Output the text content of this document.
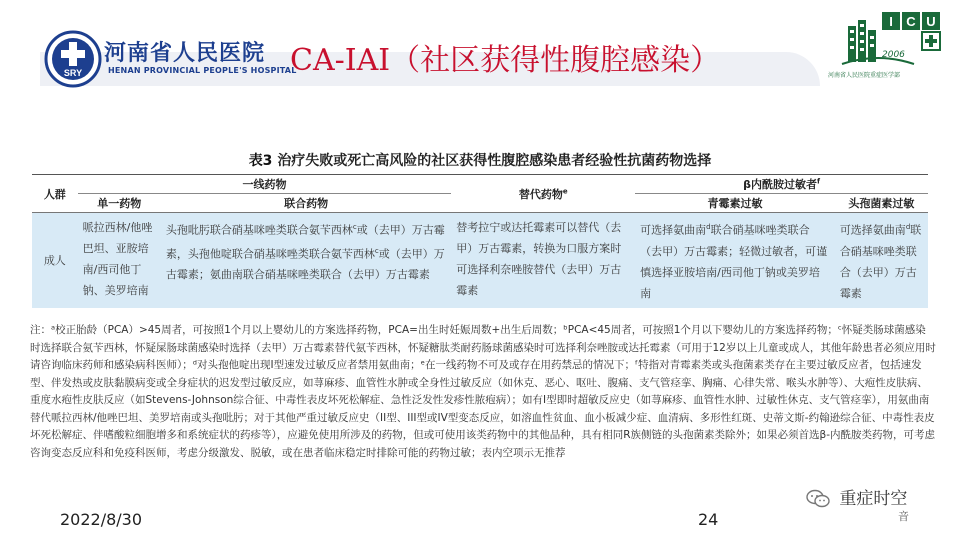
SRY
河南省人民医院
HENAN PROVINCIAL PEOPLE'S HOSPITAL
CA-IAI（社区获得性腹腔感染）
I C U
2006
河南省人民医院重症医学部
表3 治疗失败或死亡高风险的社区获得性腹腔感染患者经验性抗菌药物选择
人群	一线药物		替代药物$^e$	β内酰胺过敏者$^f$
	单一药物	联合药物		青霉素过敏	头孢菌素过敏
成人	哌拉西林/他唑巴坦、亚胺培南/西司他丁钠、美罗培南	头孢吡肟联合硝基咪唑类联合氨苄西林$^c$或（去甲）万古霉素，头孢他啶联合硝基咪唑类联合氨苄西林$^c$或（去甲）万古霉素；氨曲南联合硝基咪唑类联合（去甲）万古霉素	替考拉宁或达托霉素可以替代（去甲）万古霉素，转换为口服方案时可选择利奈唑胺替代（去甲）万古霉素	可选择氨曲南$^d$联合硝基咪唑类联合（去甲）万古霉素；轻微过敏者，可谨慎选择亚胺培南/西司他丁钠或美罗培南	可选择氨曲南$^d$联合硝基咪唑类联合（去甲）万古霉素
注：ᵃ校正胎龄（PCA）>45周者，可按照1个月以上婴幼儿的方案选择药物，PCA=出生时妊娠周数+出生后周数；ᵇPCA<45周者，可按照1个月以下婴幼儿的方案选择药物；ᶜ怀疑类肠球菌感染时选择联合氨苄西林，怀疑屎肠球菌感染时选择（去甲）万古霉素替代氨苄西林，怀疑糖肽类耐药肠球菌感染时可选择利奈唑胺或达托霉素（可用于12岁以上儿童或成人，其他年龄患者必须应用时请咨询临床药师和感染病科医师）；ᵈ对头孢他啶出现I型速发过敏反应者禁用氨曲南；ᵉ在一线药物不可及或存在用药禁忌的情况下；ᶠ特指对青霉素类或头孢菌素类存在主要过敏反应者，包括速发型、伴发热或皮肤黏膜病变或全身症状的迟发型过敏反应，如荨麻疹、血管性水肿或全身性过敏反应（如休克、恶心、呕吐、腹痛、支气管痉挛、胸痛、心律失常、喉头水肿等）、大疱性皮肤病、重度水疱性皮肤反应（如Stevens-Johnson综合征、中毒性表皮坏死松解症、急性泛发性发疹性脓疱病）；如有I型即时超敏反应史（如荨麻疹、血管性水肿、过敏性休克、支气管痉挛），用氨曲南替代哌拉西林/他唑巴坦、美罗培南或头孢吡肟；对于其他严重过敏反应史（II型、III型或IV型变态反应，如溶血性贫血、血小板减少症、血清病、多形性红斑、史蒂文斯-约翰逊综合征、中毒性表皮坏死松解症、伴嗜酸粒细胞增多和系统症状的药疹等），应避免使用所涉及的药物，但或可使用该类药物中的其他品种，具有相同R族侧链的头孢菌素类除外；如果必须首选β-内酰胺类药物，可考虑咨询变态反应科和免疫科医师，考虑分级激发、脱敏，或在患者临床稳定时排除可能的药物过敏；表内空项示无推荐
2022/8/30	24
重症时空
音
